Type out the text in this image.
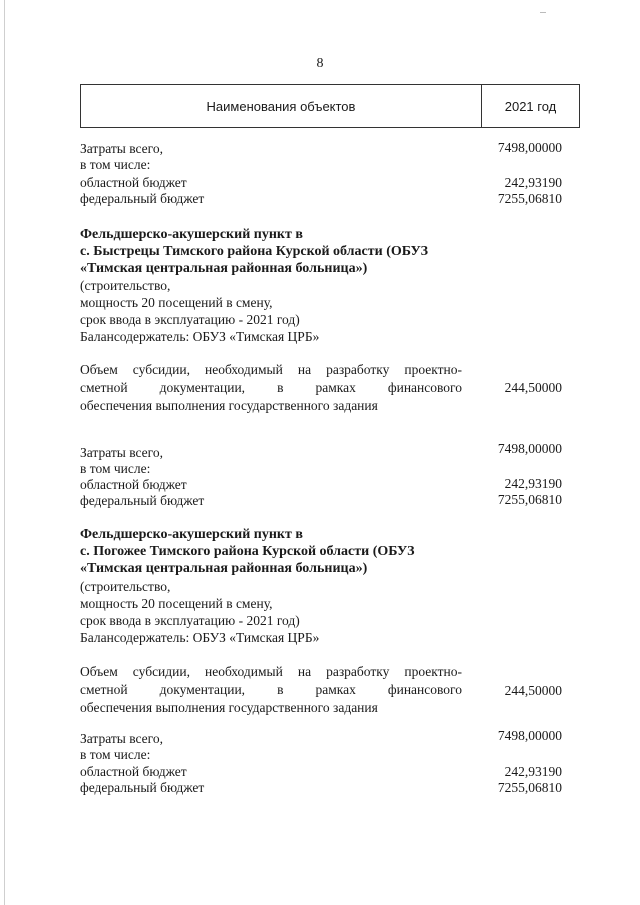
8
Наименования объектов	2021 год
Затраты всего,
в том числе:
областной бюджет
федеральный бюджет
7498,00000
242,93190
7255,06810
Фельдшерско-акушерский пункт в
с. Быстрецы Тимского района Курской области (ОБУЗ
«Тимская центральная районная больница»)
(строительство,
мощность 20 посещений в смену,
срок ввода в эксплуатацию - 2021 год)
Балансодержатель: ОБУЗ «Тимская ЦРБ»
Объем субсидии, необходимый на разработку проектно-
сметной документации, в рамках финансового
обеспечения выполнения государственного задания
244,50000
Затраты всего,
в том числе:
областной бюджет
федеральный бюджет
7498,00000
242,93190
7255,06810
Фельдшерско-акушерский пункт в
с. Погожее Тимского района Курской области (ОБУЗ
«Тимская центральная районная больница»)
(строительство,
мощность 20 посещений в смену,
срок ввода в эксплуатацию - 2021 год)
Балансодержатель: ОБУЗ «Тимская ЦРБ»
Объем субсидии, необходимый на разработку проектно-
сметной документации, в рамках финансового
обеспечения выполнения государственного задания
244,50000
Затраты всего,
в том числе:
областной бюджет
федеральный бюджет
7498,00000
242,93190
7255,06810
